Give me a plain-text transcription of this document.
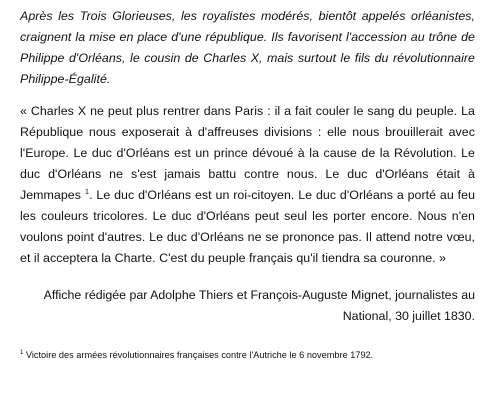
Après les Trois Glorieuses, les royalistes modérés, bientôt appelés orléanistes, craignent la mise en place d'une république. Ils favorisent l'accession au trône de Philippe d'Orléans, le cousin de Charles X, mais surtout le fils du révolutionnaire Philippe-Égalité.

« Charles X ne peut plus rentrer dans Paris : il a fait couler le sang du peuple. La République nous exposerait à d'affreuses divisions : elle nous brouillerait avec l'Europe. Le duc d'Orléans est un prince dévoué à la cause de la Révolution. Le duc d'Orléans ne s'est jamais battu contre nous. Le duc d'Orléans était à Jemmapes $^1$. Le duc d'Orléans est un roi-citoyen. Le duc d'Orléans a porté au feu les couleurs tricolores. Le duc d'Orléans peut seul les porter encore. Nous n'en voulons point d'autres. Le duc d'Orléans ne se prononce pas. Il attend notre vœu, et il acceptera la Charte. C'est du peuple français qu'il tiendra sa couronne. »

Affiche rédigée par Adolphe Thiers et François-Auguste Mignet, journalistes au
National, 30 juillet 1830.

$^1$ Victoire des armées révolutionnaires françaises contre l'Autriche le 6 novembre 1792.
